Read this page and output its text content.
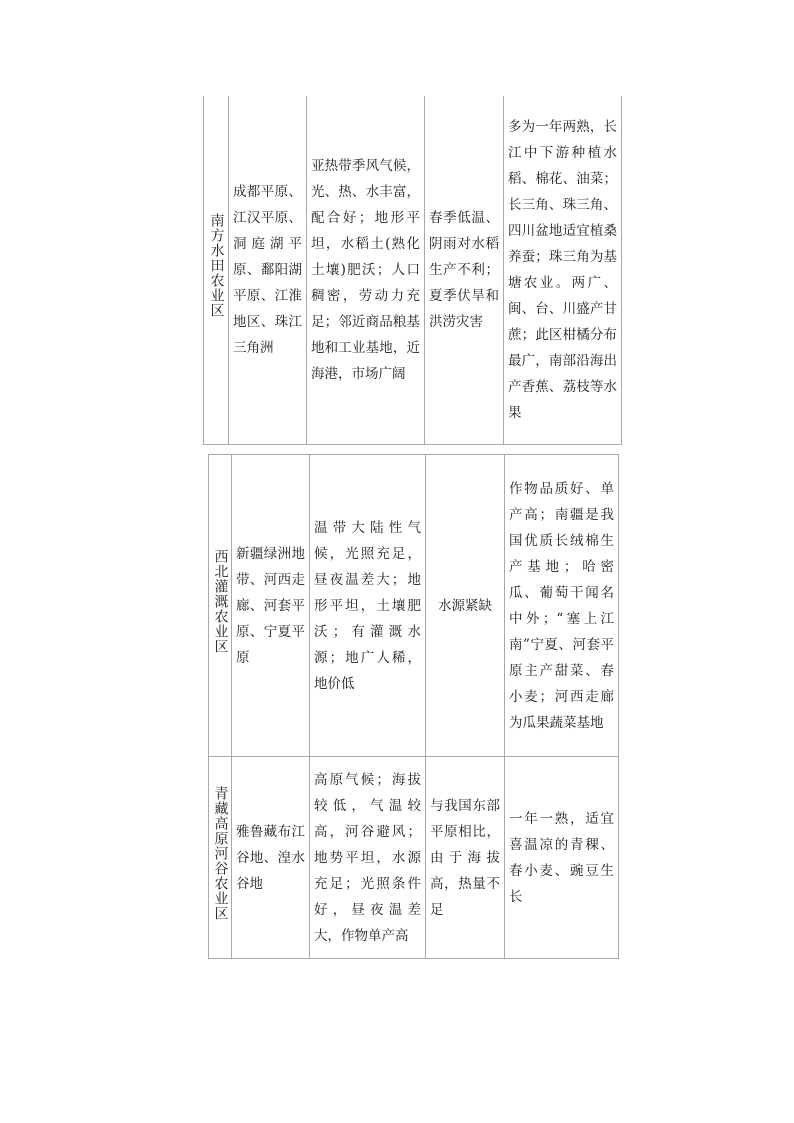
南方水田农业区	成都平原、江汉平原、洞庭湖平原、鄱阳湖平原、江淮地区、珠江三角洲	亚热带季风气候，光、热、水丰富，配合好；地形平坦，水稻土(熟化土壤)肥沃；人口稠密，劳动力充足；邻近商品粮基地和工业基地，近海港，市场广阔	春季低温、阴雨对水稻生产不利；夏季伏旱和洪涝灾害	多为一年两熟，长江中下游种植水稻、棉花、油菜；长三角、珠三角、四川盆地适宜植桑养蚕；珠三角为基塘农业。两广、闽、台、川盛产甘蔗；此区柑橘分布最广，南部沿海出产香蕉、荔枝等水果
西北灌溉农业区	新疆绿洲地带、河西走廊、河套平原、宁夏平原	温带大陆性气候，光照充足，昼夜温差大；地形平坦，土壤肥沃；有灌溉水源；地广人稀，地价低	水源紧缺	作物品质好、单产高；南疆是我国优质长绒棉生产基地；哈密瓜、葡萄干闻名中外；“塞上江南”宁夏、河套平原主产甜菜、春小麦；河西走廊为瓜果蔬菜基地
青藏高原河谷农业区	雅鲁藏布江谷地、湟水谷地	高原气候；海拔较低，气温较高，河谷避风；地势平坦，水源充足；光照条件好，昼夜温差大，作物单产高	与我国东部平原相比，由于海拔高，热量不足	一年一熟，适宜喜温凉的青稞、春小麦、豌豆生长
